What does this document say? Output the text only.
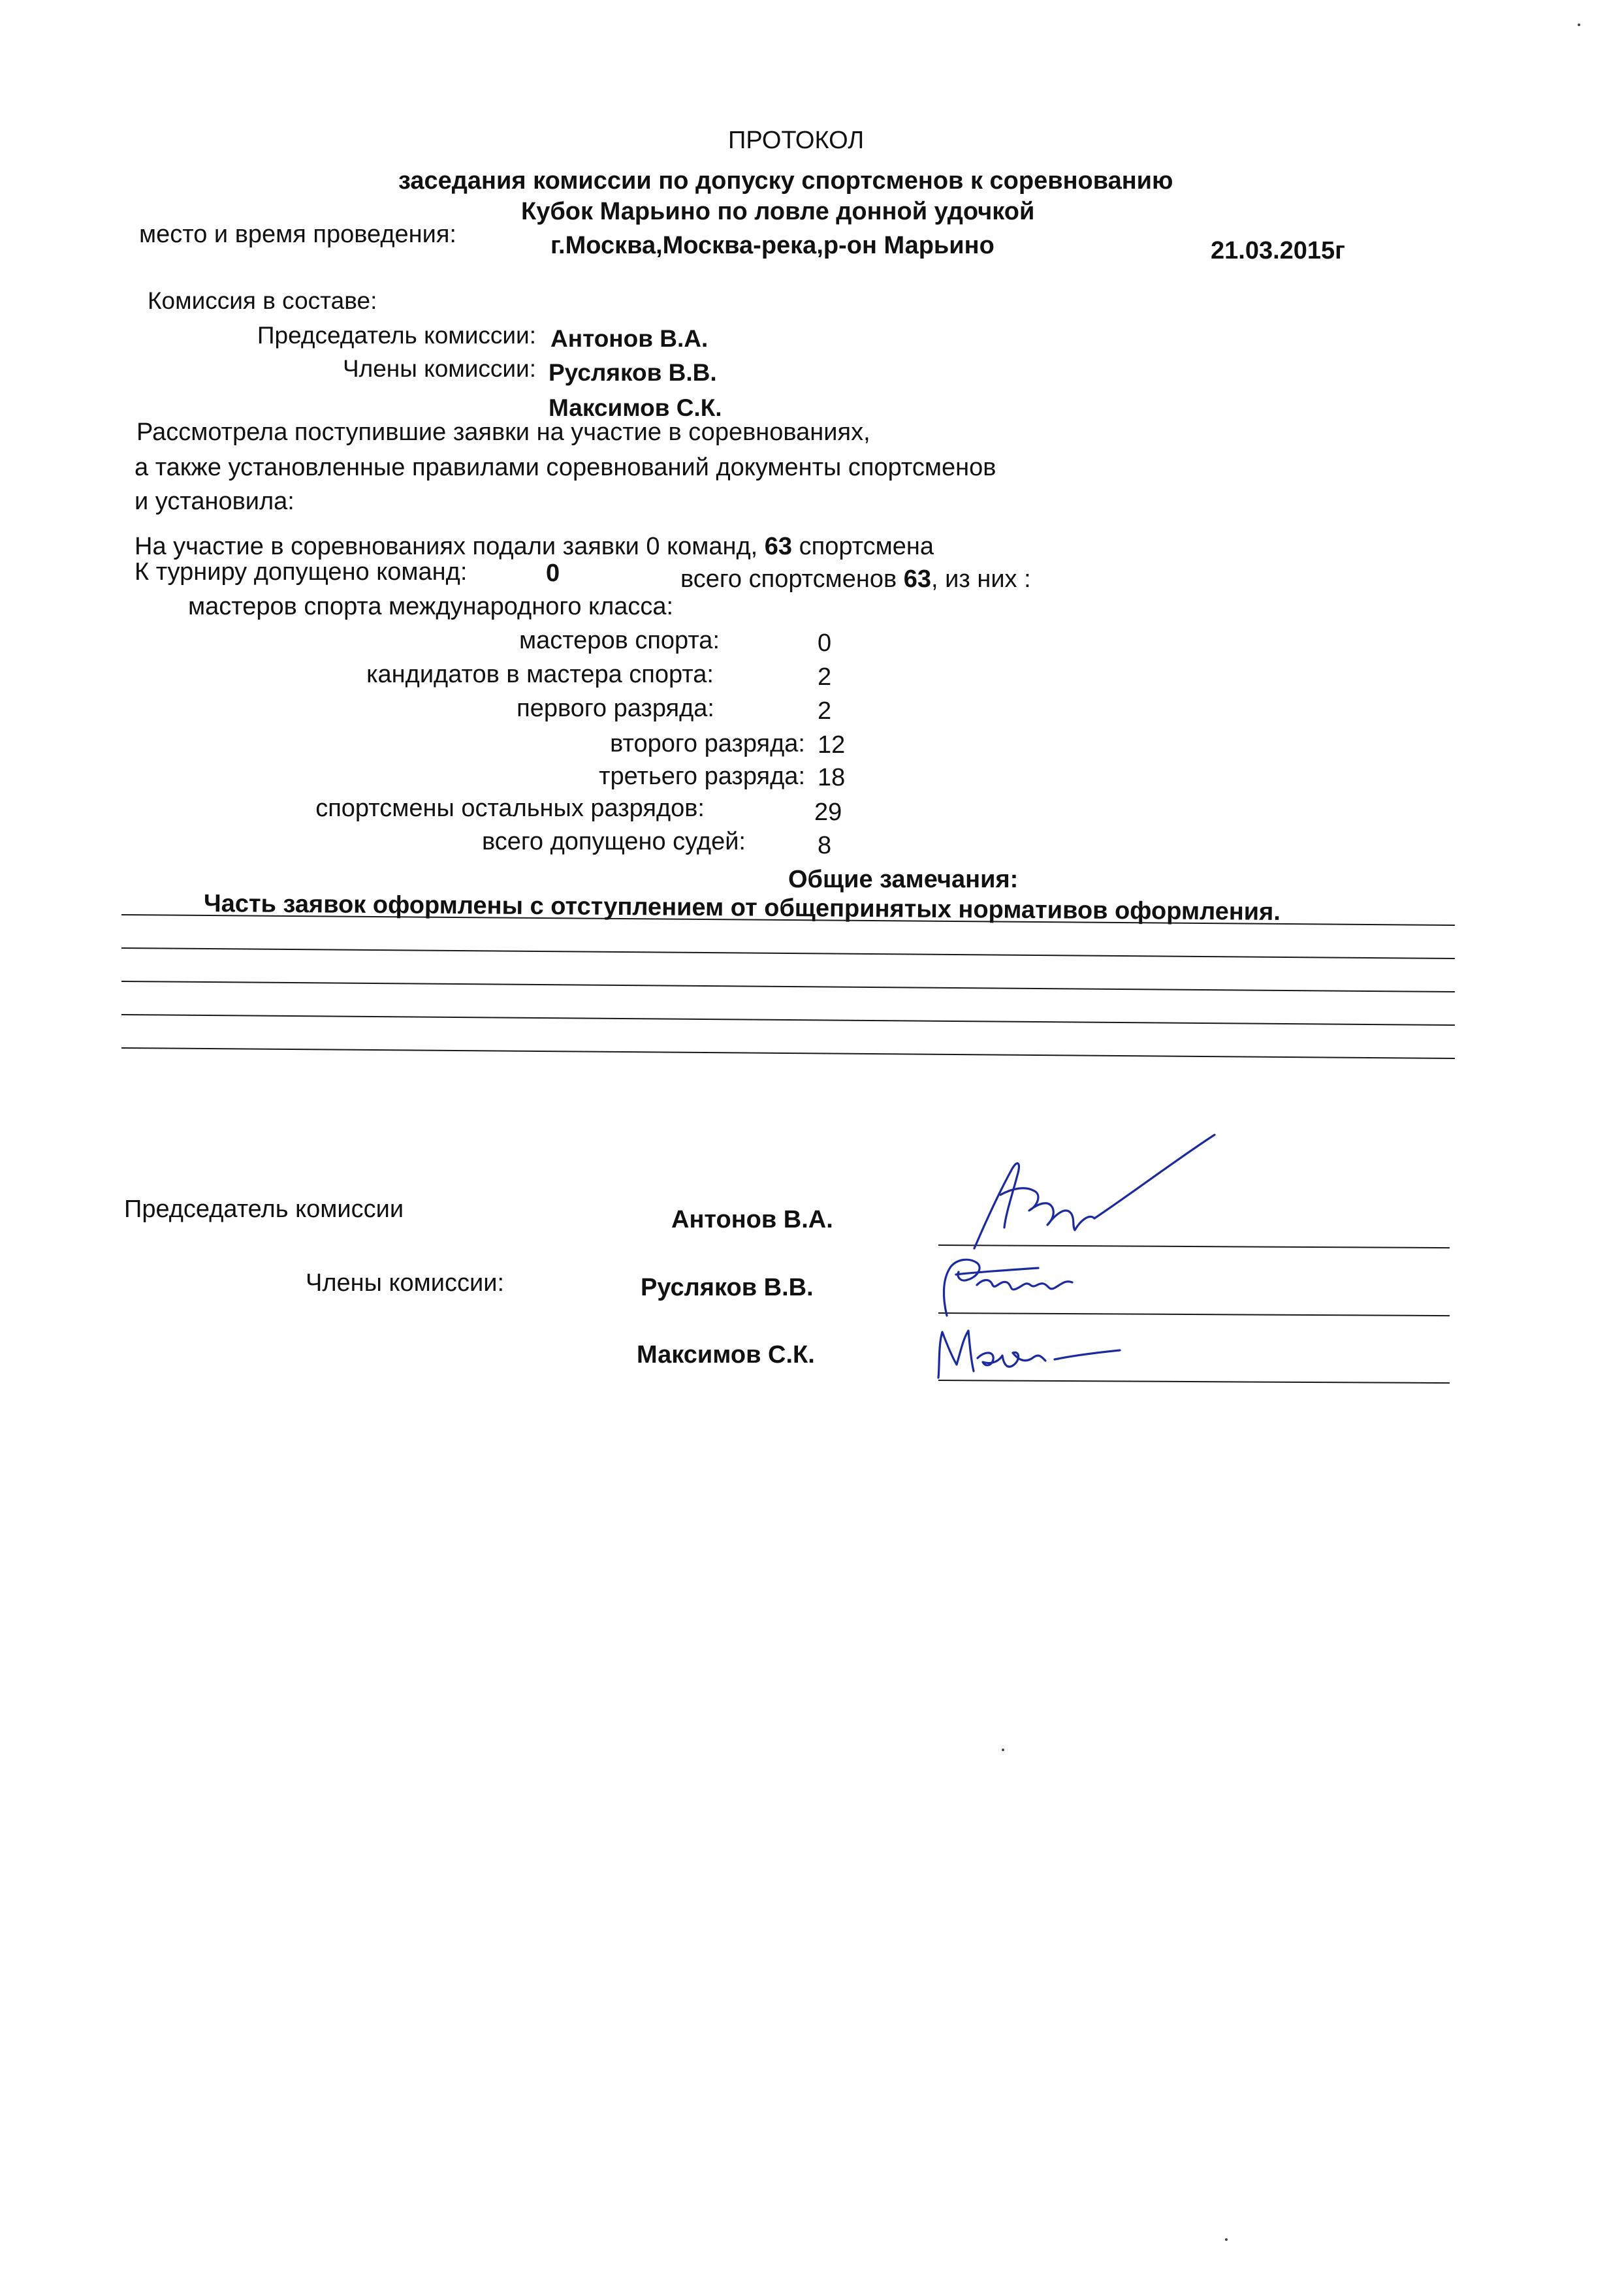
ПРОТОКОЛ
заседания комиссии по допуску спортсменов к соревнованию
Кубок Марьино по ловле донной удочкой
место и время проведения:	г.Москва,Москва-река,р-он Марьино	21.03.2015г
Комиссия в составе:
Председатель комиссии: Антонов В.А.
Члены комиссии: Русляков В.В.
Максимов С.К.
Рассмотрела поступившие заявки на участие в соревнованиях,
а также установленные правилами соревнований документы спортсменов
и установила:
На участие в соревнованиях подали заявки 0 команд, 63 спортсмена
К турниру допущено команд:	0	всего спортсменов 63, из них :
мастеров спорта международного класса:
мастеров спорта:	0
кандидатов в мастера спорта:	2
первого разряда:	2
второго разряда: 12
третьего разряда: 18
спортсмены остальных разрядов:	29
всего допущено судей:	8
Общие замечания:
Часть заявок оформлены с отступлением от общепринятых нормативов оформления.
Председатель комиссии	Антонов В.А.
Члены комиссии:	Русляков В.В.
Максимов С.К.
